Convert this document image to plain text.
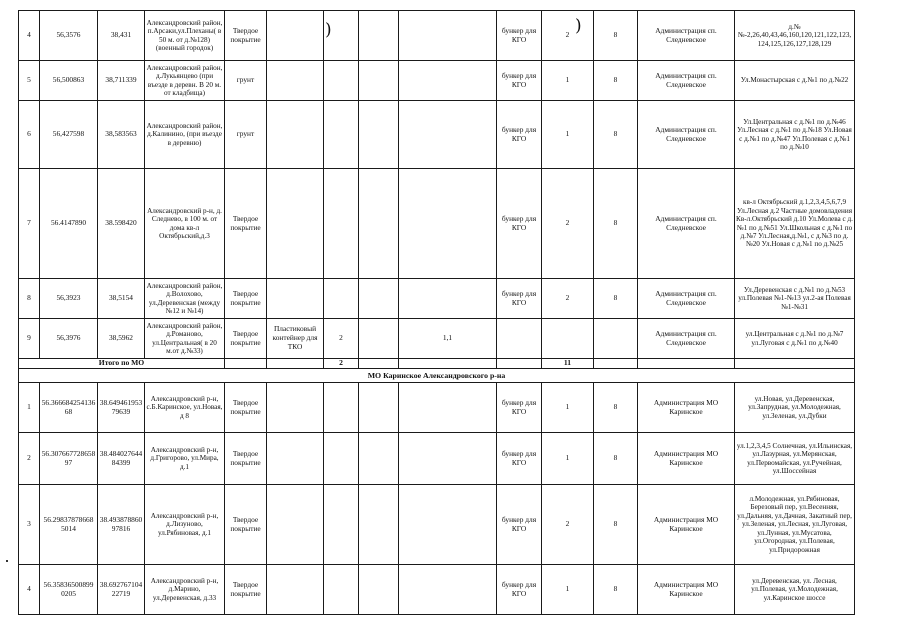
4	56,3576	38,431	Александровский район, п.Арсаки,ул.Плеханы( в 50 м. от д.№128) (военный городок)	Твердое покрытие					бункер для КГО	2	8	Администрация сп. Следневское	д.№№-2,26,40,43,46,160,120,121,122,123, 124,125,126,127,128,129
5	56,500863	38,711339	Александровский район, д.Лукьянцево (при въезде в деревн. В 20 м. от кладбища)	грунт					бункер для КГО	1	8	Администрация сп. Следневское	Ул.Монастырская с д.№1 по д.№22
6	56,427598	38,583563	Александровский район, д.Калинино, (при въезде в деревню)	грунт					бункер для КГО	1	8	Администрация сп. Следневское	Ул.Центральная с д.№1 по д.№46 Ул.Лесная с д.№1 по д.№18 Ул.Новая с д.№1 по д.№47 Ул.Полевая с д.№1 по д.№10
7	56.4147890	38.598420	Александровский р-н, д. Следнево, в 100 м. от дома кв-л Октябрьский,д.3	Твердое покрытие					бункер для КГО	2	8	Администрация сп. Следневское	кв-л Октябрьский д.1,2,3,4,5,6,7,9 Ул.Лесная д.2 Частные домовладения Кв-л.Октябрьский д.10 Ул.Молева с д.№1 по д.№51 Ул.Школьная с д.№1 по д.№7 Ул.Лесная,д.№1, с д.№3 по д.№20 Ул.Новая с д.№1 по д.№25
8	56,3923	38,5154	Александровский район, д.Волохово, ул.Деревенская (между №12 и №14)	Твердое покрытие					бункер для КГО	2	8	Администрация сп. Следневское	Ул.Деревенская с д.№1 по д.№53 ул.Полевая №1-№13 ул.2-ая Полевая №1-№31
9	56,3976	38,5962	Александровский район, д.Романово, ул.Центральная( в 20 м.от д.№33)	Твердое покрытие	Пластиковый контейнер для ТКО	2		1,1				Администрация сп. Следневское	ул.Центральная с д.№1 по д.№7 ул.Луговая с д.№1 по д.№40
Итого по МО						2				11			
МО Каринское Александровского р-на													
1	56.36668425413668	38.64946195379639	Александровский р-н, с.Б.Каринское, ул.Новая, д 8	Твердое покрытие					бункер для КГО	1	8	Администрация МО Каринское	ул.Новая, ул.Деревенская, ул.Запрудная, ул.Молодежная, ул.Зеленая, ул.Дубки
2	56.30766772865897	38.48402764484399	Александровский р-н, д.Григорово, ул.Мира, д.1	Твердое покрытие					бункер для КГО	1	8	Администрация МО Каринское	ул.1,2,3,4,5 Солнечная, ул.Ильинская, ул.Лазурная, ул.Мерянская, ул.Первомайская, ул.Ручейная, ул.Шоссейная
3	56.29837878668 5014	38.49387886097816	Александровский р-н, д.Лизуново, ул.Рябиновая, д.1	Твердое покрытие					бункер для КГО	2	8	Администрация МО Каринское	л.Молодежная, ул.Рябиновая, Березовый пер, ул.Весенняя, ул.Дальняя, ул.Дачная, Закатный пер, ул.Зеленая, ул.Лесная, ул.Луговая, ул.Лунная, ул.Мусатова, ул.Огородная, ул.Полевая, ул.Придорожная
4	56.35836500899 0205	38.69276710422719	Александровский р-н, д.Марино, ул.Деревенская, д.33	Твердое покрытие					бункер для КГО	1	8	Администрация МО Каринское	ул.Деревенская, ул. Лесная, ул.Полевая, ул.Молодежная, ул.Каринское шоссе
)	)
